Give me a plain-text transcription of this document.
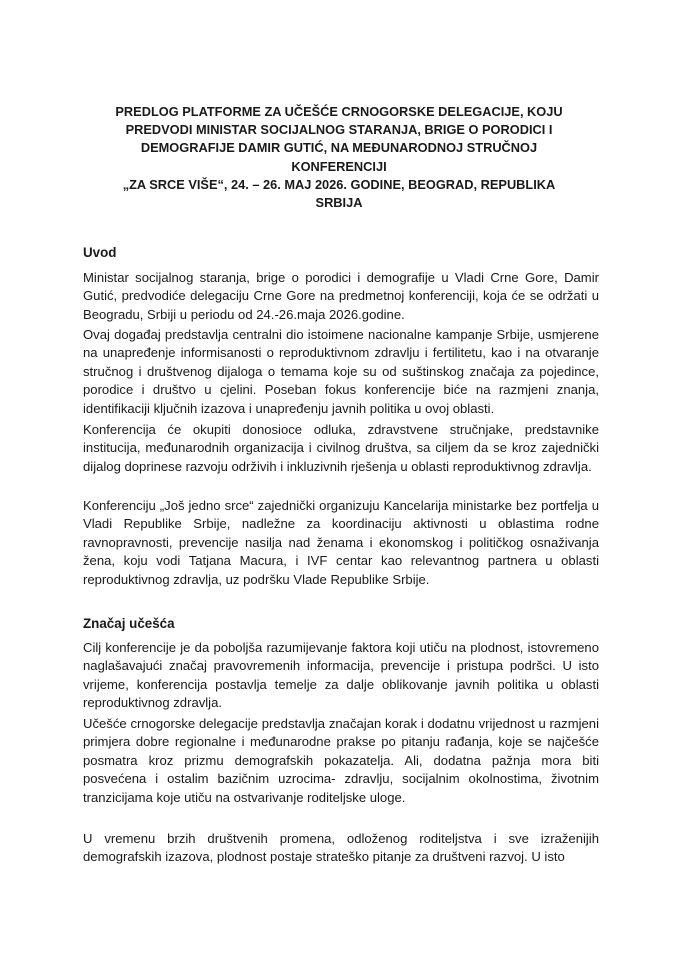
PREDLOG PLATFORME ZA UČEŠĆE CRNOGORSKE DELEGACIJE, KOJU PREDVODI MINISTAR SOCIJALNOG STARANJA, BRIGE O PORODICI I DEMOGRAFIJE DAMIR GUTIĆ, NA MEĐUNARODNOJ STRUČNOJ KONFERENCIJI
„ZA SRCE VIŠE“, 24. – 26. MAJ 2026. GODINE, BEOGRAD, REPUBLIKA SRBIJA
Uvod

Ministar socijalnog staranja, brige o porodici i demografije u Vladi Crne Gore, Damir Gutić, predvodiće delegaciju Crne Gore na predmetnoj konferenciji, koja će se održati u Beogradu, Srbiji u periodu od 24.-26.maja 2026.godine.

Ovaj događaj predstavlja centralni dio istoimene nacionalne kampanje Srbije, usmjerene na unapređenje informisanosti o reproduktivnom zdravlju i fertilitetu, kao i na otvaranje stručnog i društvenog dijaloga o temama koje su od suštinskog značaja za pojedince, porodice i društvo u cjelini. Poseban fokus konferencije biće na razmjeni znanja, identifikaciji ključnih izazova i unapređenju javnih politika u ovoj oblasti.

Konferencija će okupiti donosioce odluka, zdravstvene stručnjake, predstavnike institucija, međunarodnih organizacija i civilnog društva, sa ciljem da se kroz zajednički dijalog doprinese razvoju održivih i inkluzivnih rješenja u oblasti reproduktivnog zdravlja.

Konferenciju „Još jedno srce“ zajednički organizuju Kancelarija ministarke bez portfelja u Vladi Republike Srbije, nadležne za koordinaciju aktivnosti u oblastima rodne ravnopravnosti, prevencije nasilja nad ženama i ekonomskog i političkog osnaživanja žena, koju vodi Tatjana Macura, i IVF centar kao relevantnog partnera u oblasti reproduktivnog zdravlja, uz podršku Vlade Republike Srbije.

Značaj učešća

Cilj konferencije je da poboljša razumijevanje faktora koji utiču na plodnost, istovremeno naglašavajući značaj pravovremenih informacija, prevencije i pristupa podršci. U isto vrijeme, konferencija postavlja temelje za dalje oblikovanje javnih politika u oblasti reproduktivnog zdravlja.

Učešće crnogorske delegacije predstavlja značajan korak i dodatnu vrijednost u razmjeni primjera dobre regionalne i međunarodne prakse po pitanju rađanja, koje se najčešće posmatra kroz prizmu demografskih pokazatelja. Ali, dodatna pažnja mora biti posvećena i ostalim bazičnim uzrocima- zdravlju, socijalnim okolnostima, životnim tranzicijama koje utiču na ostvarivanje roditeljske uloge.

U vremenu brzih društvenih promena, odloženog roditeljstva i sve izraženijih demografskih izazova, plodnost postaje strateško pitanje za društveni razvoj. U isto
